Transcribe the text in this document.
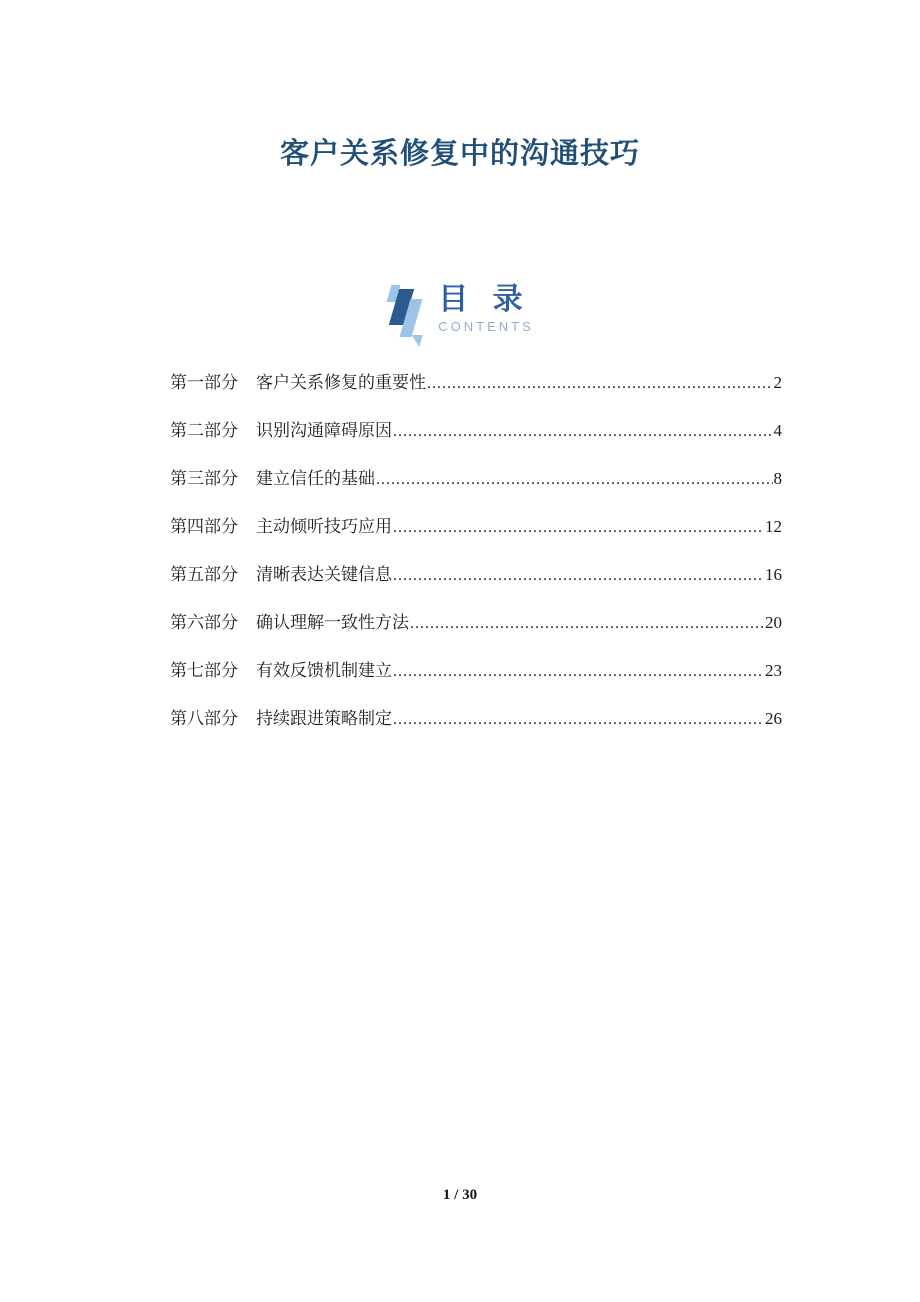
客户关系修复中的沟通技巧
目 录
CONTENTS
第一部分 客户关系修复的重要性 .....	2
第二部分 识别沟通障碍原因 .....	4
第三部分 建立信任的基础 .....	8
第四部分 主动倾听技巧应用 .....	12
第五部分 清晰表达关键信息 .....	16
第六部分 确认理解一致性方法 .....	20
第七部分 有效反馈机制建立 .....	23
第八部分 持续跟进策略制定 .....	26
1 / 30
